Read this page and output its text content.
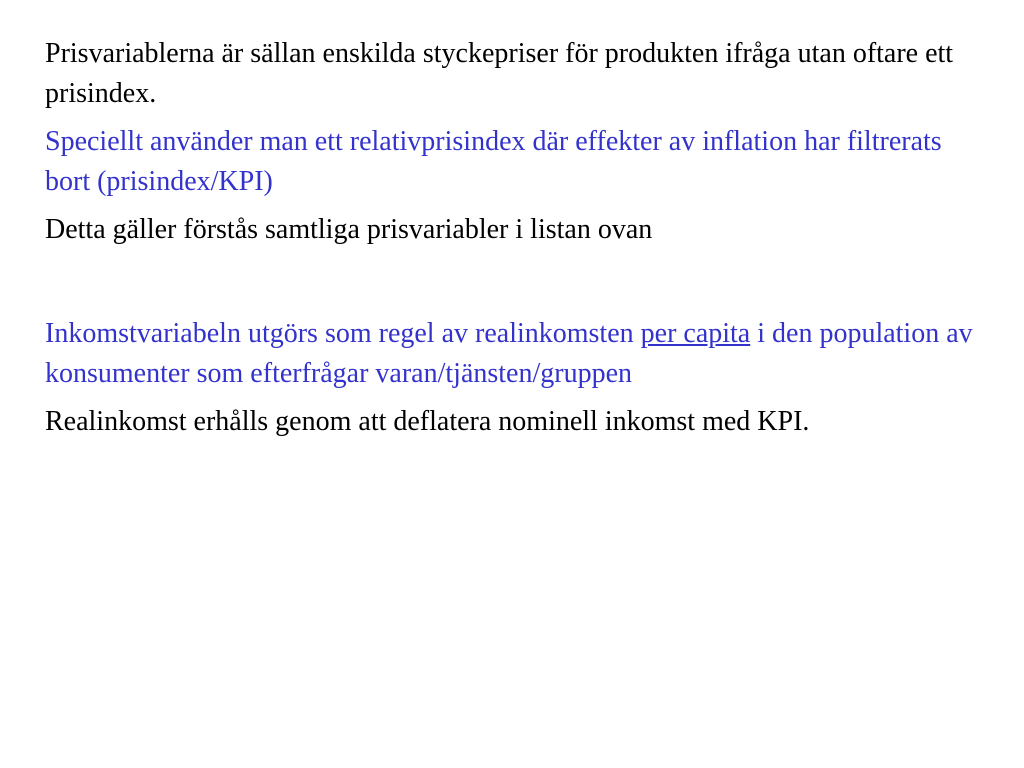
Prisvariablerna är sällan enskilda styckepriser för produkten ifråga utan oftare ett prisindex.

Speciellt använder man ett relativprisindex där effekter av inflation har filtrerats bort (prisindex/KPI)

Detta gäller förstås samtliga prisvariabler i listan ovan

Inkomstvariabeln utgörs som regel av realinkomsten per capita i den population av konsumenter som efterfrågar varan/tjänsten/gruppen

Realinkomst erhålls genom att deflatera nominell inkomst med KPI.
